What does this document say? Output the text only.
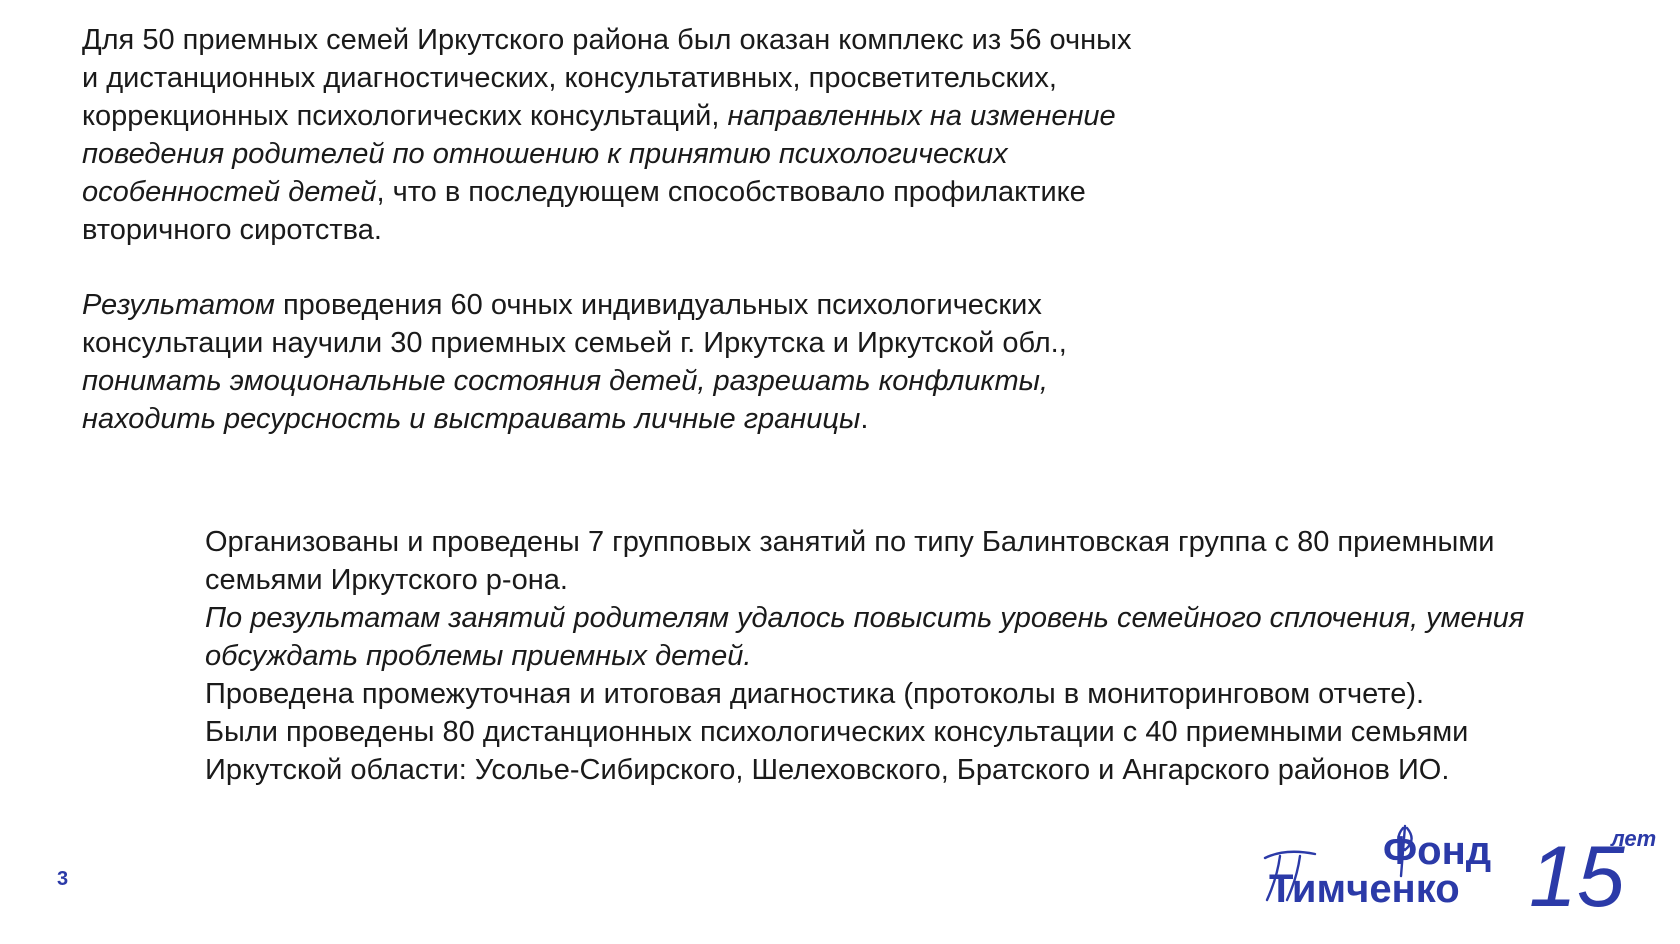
Для 50 приемных семей Иркутского района был оказан комплекс из 56 очных
и дистанционных диагностических, консультативных, просветительских,
коррекционных психологических консультаций, направленных на изменение
поведения родителей по отношению к принятию психологических
особенностей детей, что в последующем способствовало профилактике
вторичного сиротства.
Результатом проведения 60 очных индивидуальных психологических
консультации научили 30 приемных семьей г. Иркутска и Иркутской обл.,
понимать эмоциональные состояния детей, разрешать конфликты,
находить ресурсность и выстраивать личные границы.
Организованы и проведены 7 групповых занятий по типу Балинтовская группа с 80 приемными
семьями Иркутского р-она.
По результатам занятий родителям удалось повысить уровень семейного сплочения, умения
обсуждать проблемы приемных детей.
Проведена промежуточная и итоговая диагностика (протоколы в мониторинговом отчете).
Были проведены 80 дистанционных психологических консультации с 40 приемными семьями
Иркутской области: Усолье-Сибирского, Шелеховского, Братского и Ангарского районов ИО.
3
Фонд
Тимченко 15
лет
